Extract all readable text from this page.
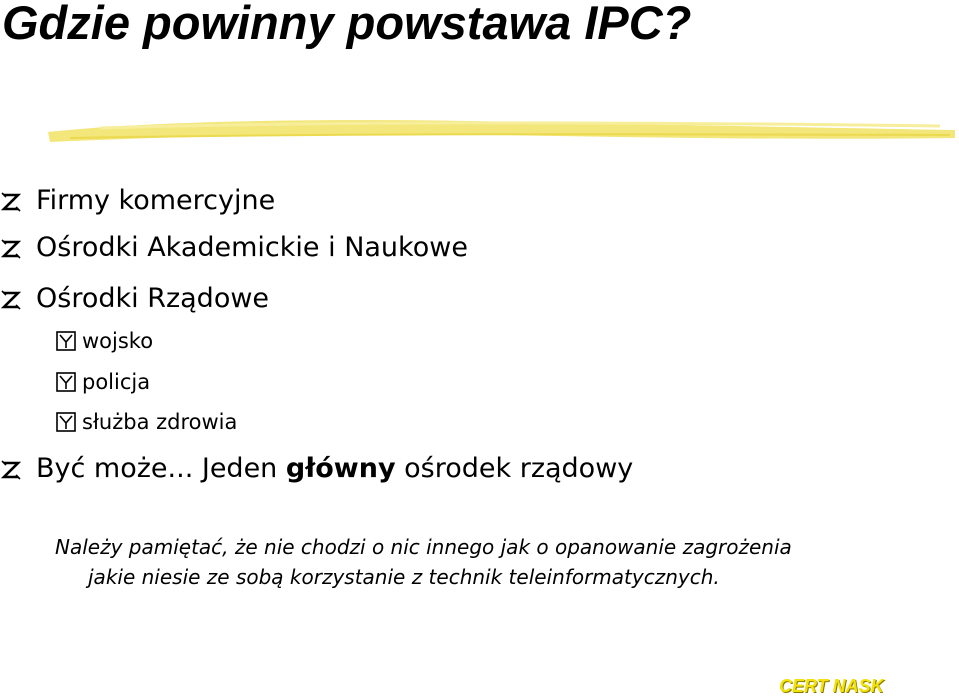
Gdzie powinny powstawa IPC?
Firmy komercyjne
Ośrodki Akademickie i Naukowe
Ośrodki Rządowe
wojsko
policja
służba zdrowia
Być może... Jeden główny ośrodek rządowy
Należy pamiętać, że nie chodzi o nic innego jak o opanowanie zagrożenia
jakie niesie ze sobą korzystanie z technik teleinformatycznych.
CERT NASK
